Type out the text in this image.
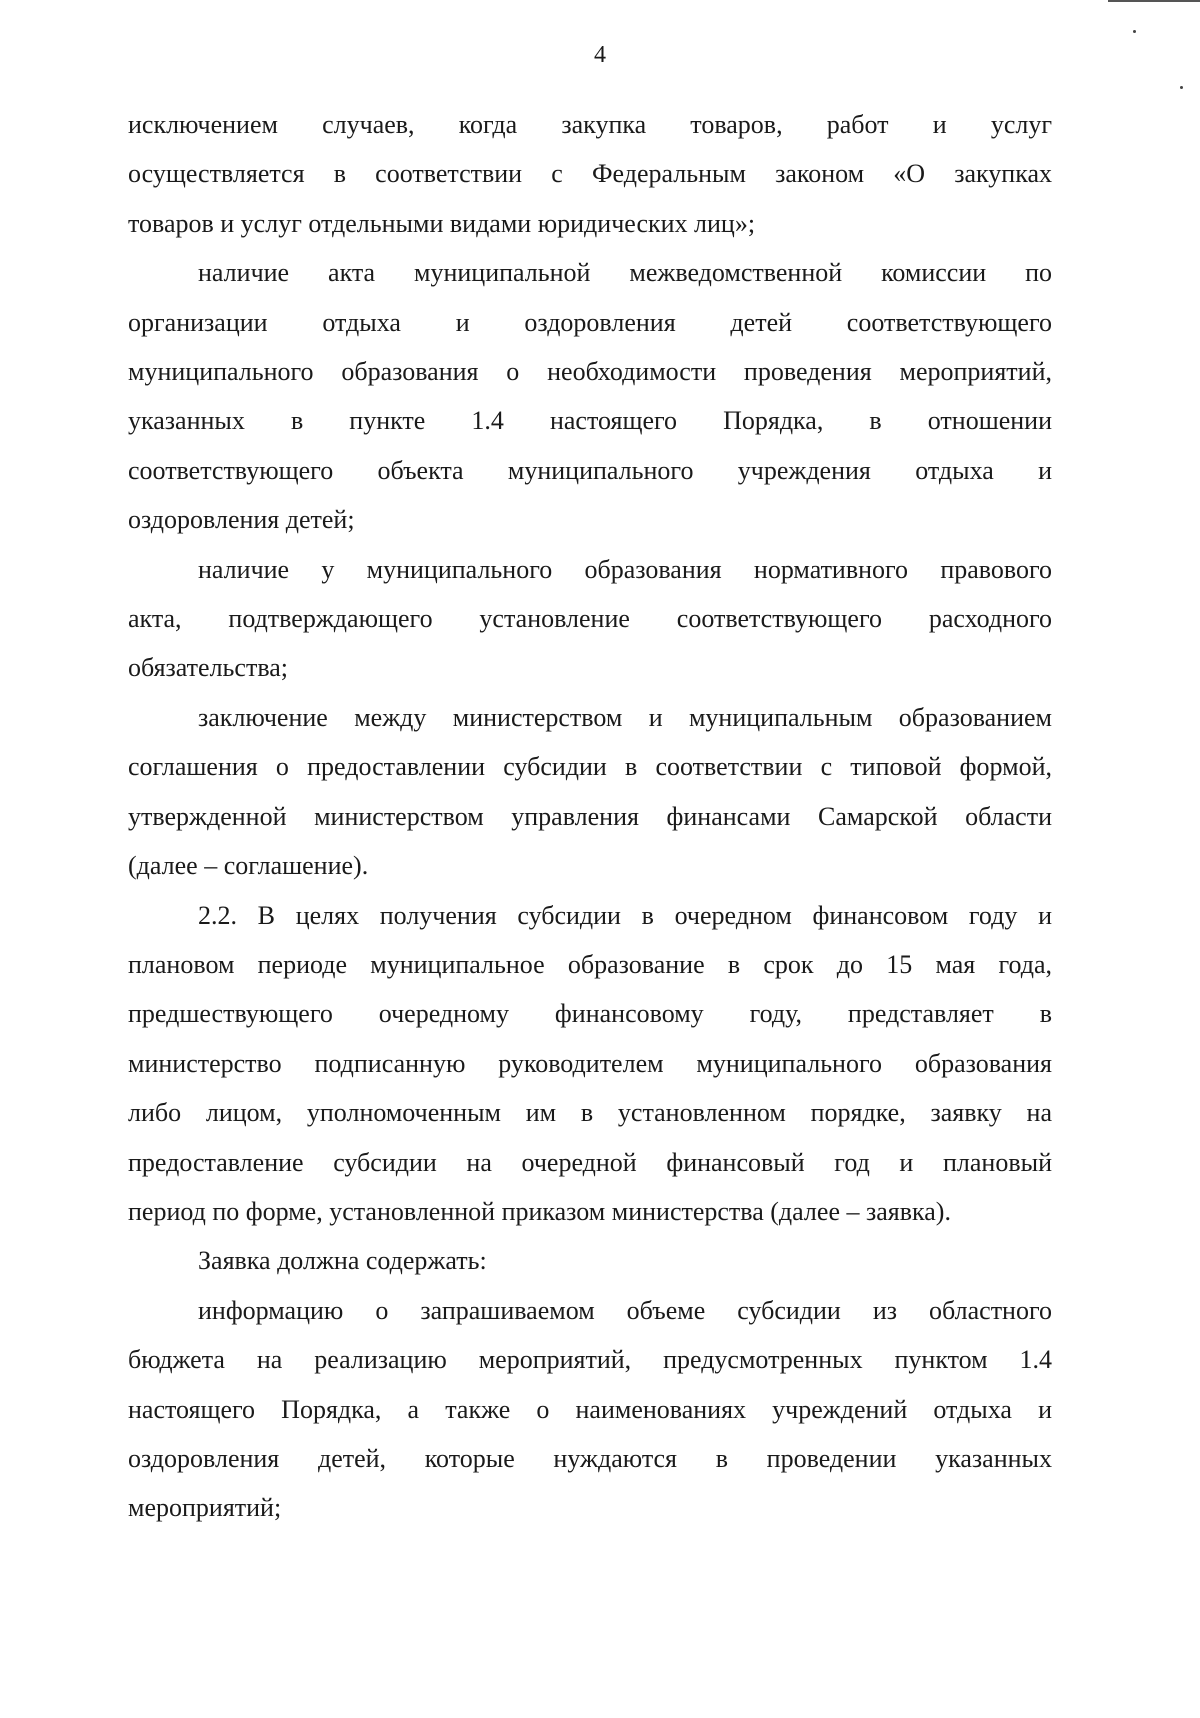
4
исключением случаев, когда закупка товаров, работ и услуг
осуществляется в соответствии с Федеральным законом «О закупках
товаров и услуг отдельными видами юридических лиц»;
наличие акта муниципальной межведомственной комиссии по
организации отдыха и оздоровления детей соответствующего
муниципального образования о необходимости проведения мероприятий,
указанных в пункте 1.4 настоящего Порядка, в отношении
соответствующего объекта муниципального учреждения отдыха и
оздоровления детей;
наличие у муниципального образования нормативного правового
акта, подтверждающего установление соответствующего расходного
обязательства;
заключение между министерством и муниципальным образованием
соглашения о предоставлении субсидии в соответствии с типовой формой,
утвержденной министерством управления финансами Самарской области
(далее – соглашение).
2.2. В целях получения субсидии в очередном финансовом году и
плановом периоде муниципальное образование в срок до 15 мая года,
предшествующего очередному финансовому году, представляет в
министерство подписанную руководителем муниципального образования
либо лицом, уполномоченным им в установленном порядке, заявку на
предоставление субсидии на очередной финансовый год и плановый
период по форме, установленной приказом министерства (далее – заявка).
Заявка должна содержать:
информацию о запрашиваемом объеме субсидии из областного
бюджета на реализацию мероприятий, предусмотренных пунктом 1.4
настоящего Порядка, а также о наименованиях учреждений отдыха и
оздоровления детей, которые нуждаются в проведении указанных
мероприятий;
